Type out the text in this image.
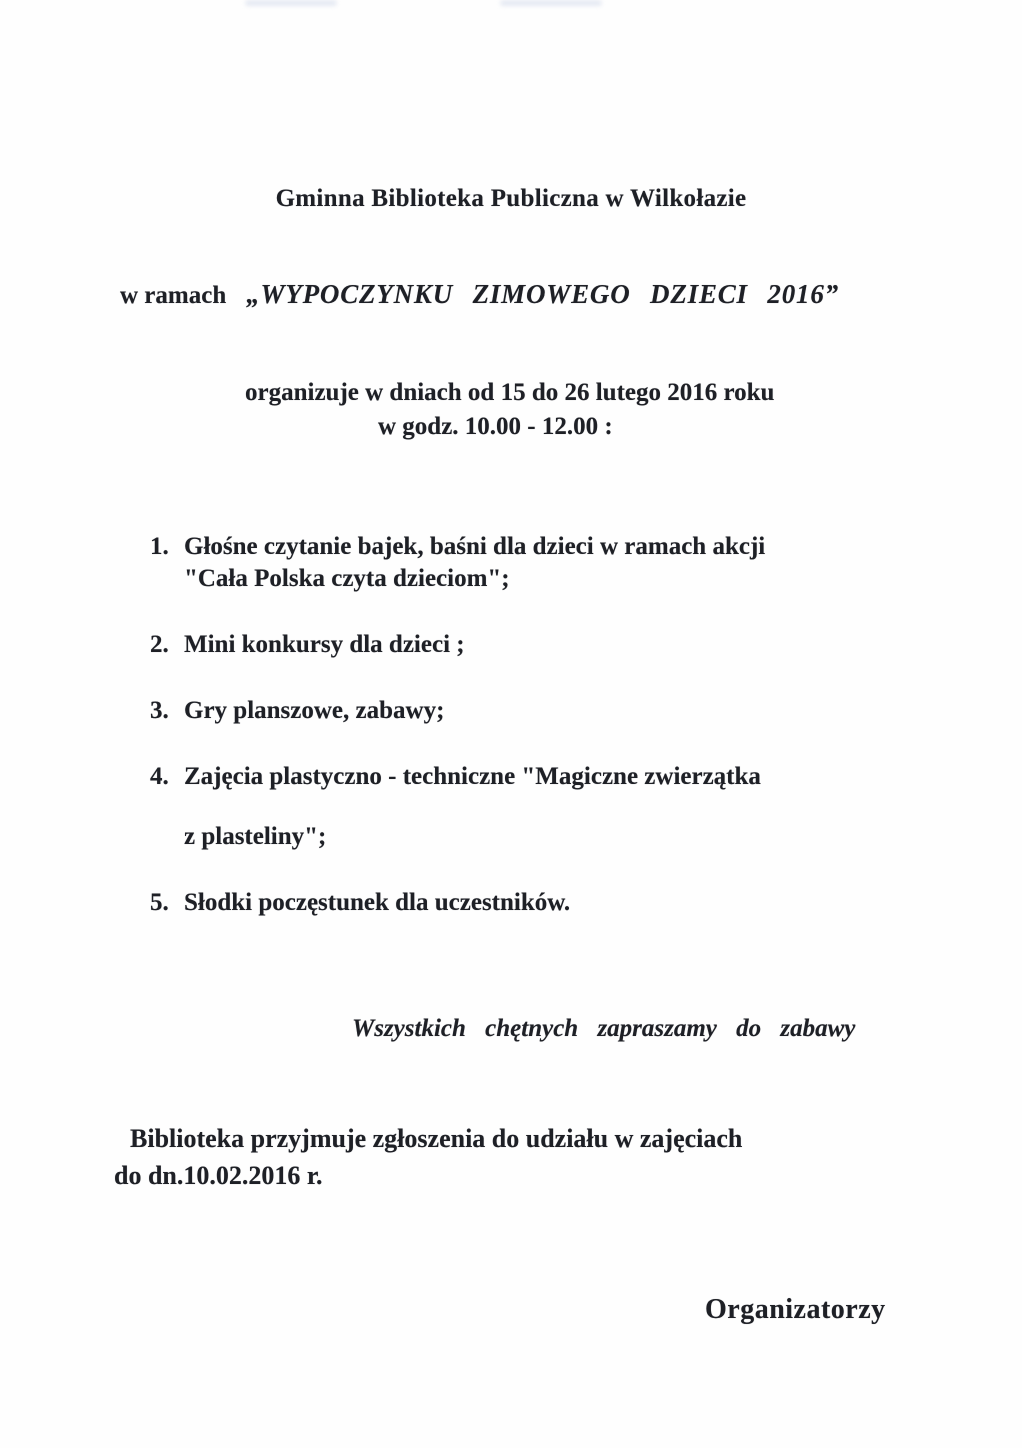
Gminna Biblioteka Publiczna w Wilkołazie

w ramach „WYPOCZYNKU ZIMOWEGO DZIECI 2016”

organizuje w dniach od 15 do 26 lutego 2016 roku

w godz. 10.00 - 12.00 :

1. Głośne czytanie bajek, baśni dla dzieci w ramach akcji
"Cała Polska czyta dzieciom";
2. Mini konkursy dla dzieci ;
3. Gry planszowe, zabawy;
4. Zajęcia plastyczno - techniczne "Magiczne zwierzątka
z plasteliny";
5. Słodki poczęstunek dla uczestników.

Wszystkich chętnych zapraszamy do zabawy

Biblioteka przyjmuje zgłoszenia do udziału w zajęciach

do dn.10.02.2016 r.

Organizatorzy
